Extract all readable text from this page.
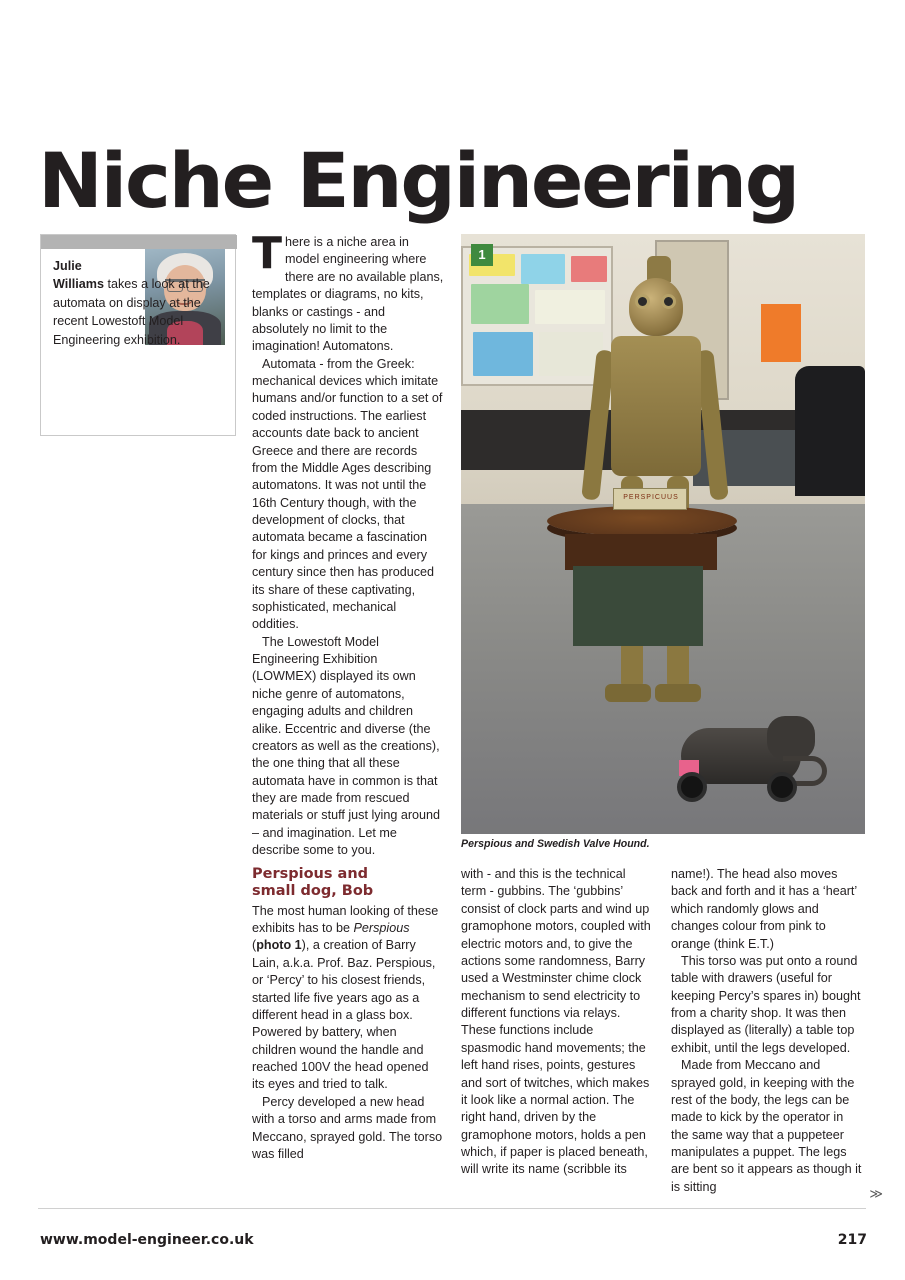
Niche Engineering
Julie
Williams takes a look at the automata on display at the recent Lowestoft Model Engineering exhibition.

There is a niche area in model engineering where there are no available plans, templates or diagrams, no kits, blanks or castings - and absolutely no limit to the imagination! Automatons.

Automata - from the Greek: mechanical devices which imitate humans and/or function to a set of coded instructions. The earliest accounts date back to ancient Greece and there are records from the Middle Ages describing automatons. It was not until the 16th Century though, with the development of clocks, that automata became a fascination for kings and princes and every century since then has produced its share of these captivating, sophisticated, mechanical oddities.

The Lowestoft Model Engineering Exhibition (LOWMEX) displayed its own niche genre of automatons, engaging adults and children alike. Eccentric and diverse (the creators as well as the creations), the one thing that all these automata have in common is that they are made from rescued materials or stuff just lying around – and imagination. Let me describe some to you.

PERSPICUUS
1
Perspious and Swedish Valve Hound.
Perspious and
small dog, Bob

The most human looking of these exhibits has to be Perspious (photo 1), a creation of Barry Lain, a.k.a. Prof. Baz. Perspious, or ‘Percy’ to his closest friends, started life five years ago as a different head in a glass box. Powered by battery, when children wound the handle and reached 100V the head opened its eyes and tried to talk.

Percy developed a new head with a torso and arms made from Meccano, sprayed gold. The torso was filled

with - and this is the technical term - gubbins. The ‘gubbins’ consist of clock parts and wind up gramophone motors, coupled with electric motors and, to give the actions some randomness, Barry used a Westminster chime clock mechanism to send electricity to different functions via relays. These functions include spasmodic hand movements; the left hand rises, points, gestures and sort of twitches, which makes it look like a normal action. The right hand, driven by the gramophone motors, holds a pen which, if paper is placed beneath, will write its name (scribble its

name!). The head also moves back and forth and it has a ‘heart’ which randomly glows and changes colour from pink to orange (think E.T.)

This torso was put onto a round table with drawers (useful for keeping Percy’s spares in) bought from a charity shop. It was then displayed as (literally) a table top exhibit, until the legs developed.

Made from Meccano and sprayed gold, in keeping with the rest of the body, the legs can be made to kick by the operator in the same way that a puppeteer manipulates a puppet. The legs are bent so it appears as though it is sitting	≫
www.model-engineer.co.uk	217
